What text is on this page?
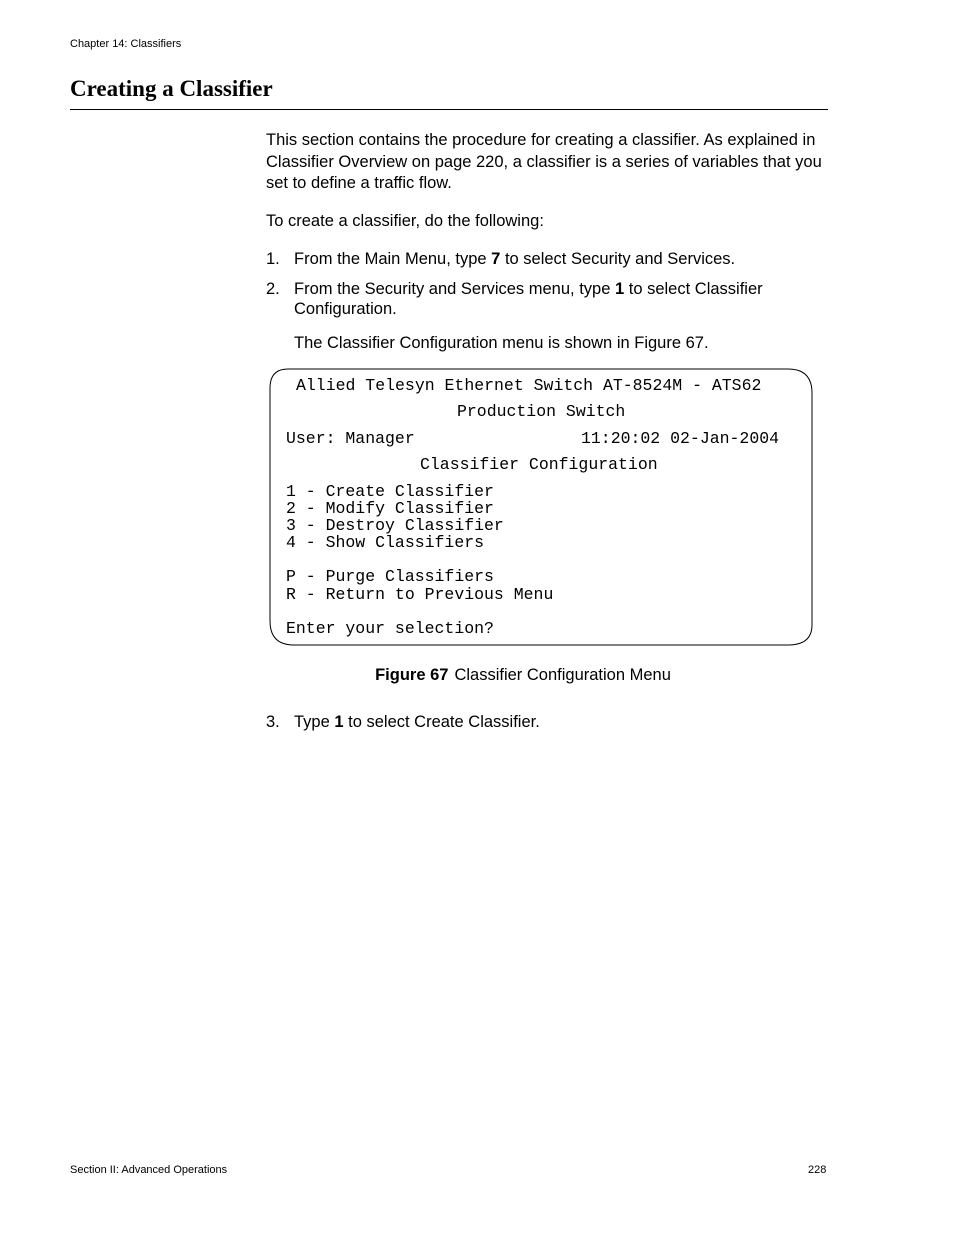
Chapter 14: Classifiers
Creating a Classifier

This section contains the procedure for creating a classifier. As explained in Classifier Overview on page 220, a classifier is a series of variables that you set to define a traffic flow.

To create a classifier, do the following:

1. From the Main Menu, type 7 to select Security and Services.
2. From the Security and Services menu, type 1 to select Classifier Configuration.
The Classifier Configuration menu is shown in Figure 67.
Allied Telesyn Ethernet Switch AT-8524M - ATS62
Production Switch
User: Manager	11:20:02 02-Jan-2004
Classifier Configuration
1 - Create Classifier
2 - Modify Classifier
3 - Destroy Classifier
4 - Show Classifiers
P - Purge Classifiers
R - Return to Previous Menu
Enter your selection?
Figure 67 Classifier Configuration Menu
3. Type 1 to select Create Classifier.
Section II: Advanced Operations	228
